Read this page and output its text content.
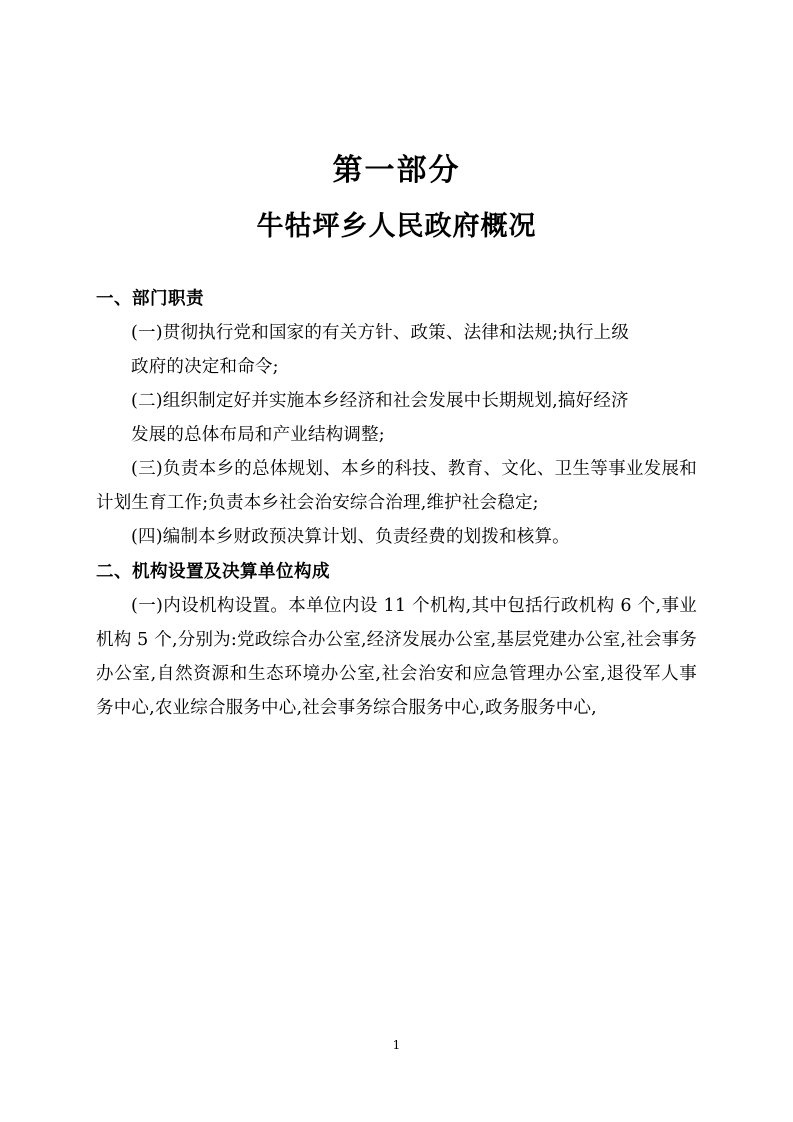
第一部分
牛牯坪乡人民政府概况
一、部门职责

(一)贯彻执行党和国家的有关方针、政策、法律和法规;执行上级

政府的决定和命令;

(二)组织制定好并实施本乡经济和社会发展中长期规划,搞好经济

发展的总体布局和产业结构调整;

(三)负责本乡的总体规划、本乡的科技、教育、文化、卫生等事业发展和计划生育工作;负责本乡社会治安综合治理,维护社会稳定;

(四)编制本乡财政预决算计划、负责经费的划拨和核算。

二、机构设置及决算单位构成

(一)内设机构设置。本单位内设 11 个机构,其中包括行政机构 6 个,事业机构 5 个,分别为:党政综合办公室,经济发展办公室,基层党建办公室,社会事务办公室,自然资源和生态环境办公室,社会治安和应急管理办公室,退役军人事务中心,农业综合服务中心,社会事务综合服务中心,政务服务中心,

1
